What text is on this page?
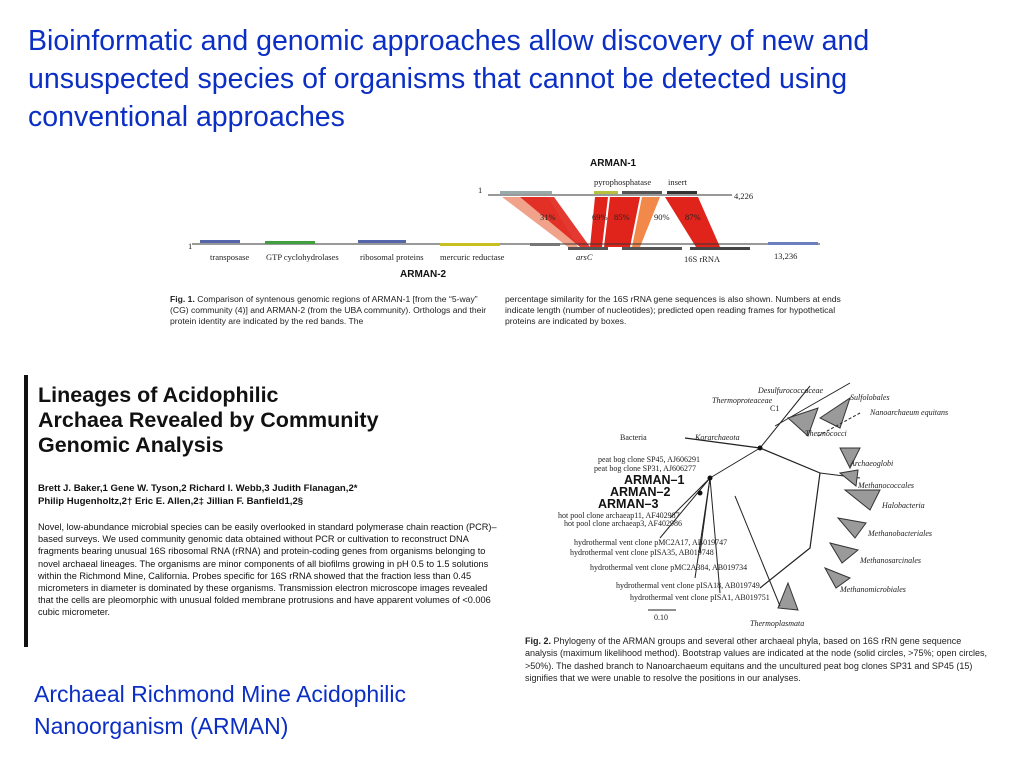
Bioinformatic and genomic approaches allow discovery of new and unsuspected species of organisms that cannot be detected using conventional approaches

ARMAN-1
pyrophosphatase insert
1
4,226
31%	69% 85%	90% 87%
1
transposase GTP cyclohydrolases	ribosomal proteins mercuric reductase	arsC	16S rRNA	13,236
ARMAN-2
Fig. 1. Comparison of syntenous genomic regions of ARMAN-1 [from the “5-way” (CG) community (4)] and ARMAN-2 (from the UBA community). Orthologs and their protein identity are indicated by the red bands. The
percentage similarity for the 16S rRNA gene sequences is also shown. Numbers at ends indicate length (number of nucleotides); predicted open reading frames for hypothetical proteins are indicated by boxes.
Lineages of Acidophilic
Archaea Revealed by Community
Genomic Analysis
Brett J. Baker,1 Gene W. Tyson,2 Richard I. Webb,3 Judith Flanagan,2*
Philip Hugenholtz,2† Eric E. Allen,2‡ Jillian F. Banfield1,2§
Novel, low-abundance microbial species can be easily overlooked in standard polymerase chain reaction (PCR)–based surveys. We used community genomic data obtained without PCR or cultivation to reconstruct DNA fragments bearing unusual 16S ribosomal RNA (rRNA) and protein-coding genes from organisms belonging to novel archaeal lineages. The organisms are minor components of all biofilms growing in pH 0.5 to 1.5 solutions within the Richmond Mine, California. Probes specific for 16S rRNA showed that the fraction less than 0.45 micrometers in diameter is dominated by these organisms. Transmission electron microscope images revealed that the cells are pleomorphic with unusual folded membrane protrusions and have apparent volumes of <0.006 cubic micrometer.
0.10
Desulfurococcaceae
Thermoproteaceae
C1
Sulfolobales
Thermococci
Nanoarchaeum equitans
Bacteria	Korarchaeota
Archaeoglobi
Methanococcales
Halobacteria
Methanobacteriales
Methanosarcinales
Methanomicrobiales
Thermoplasmata
peat bog clone SP45, AJ606291
peat bog clone SP31, AJ606277
ARMAN–1
ARMAN–2
ARMAN–3
hot pool clone archaeap11, AF402987
hot pool clone archaeap3, AF402986
hydrothermal vent clone pMC2A17, AB019747
hydrothermal vent clone pISA35, AB019748
hydrothermal vent clone pMC2A384, AB019734
hydrothermal vent clone pISA18, AB019749
hydrothermal vent clone pISA1, AB019751
Fig. 2. Phylogeny of the ARMAN groups and several other archaeal phyla, based on 16S rRN gene sequence analysis (maximum likelihood method). Bootstrap values are indicated at the node (solid circles, >75%; open circles, >50%). The dashed branch to Nanoarchaeum equitans and the uncultured peat bog clones SP31 and SP45 (15) signifies that we were unable to resolve the positions in our analyses.

Archaeal Richmond Mine Acidophilic Nanoorganism (ARMAN)
